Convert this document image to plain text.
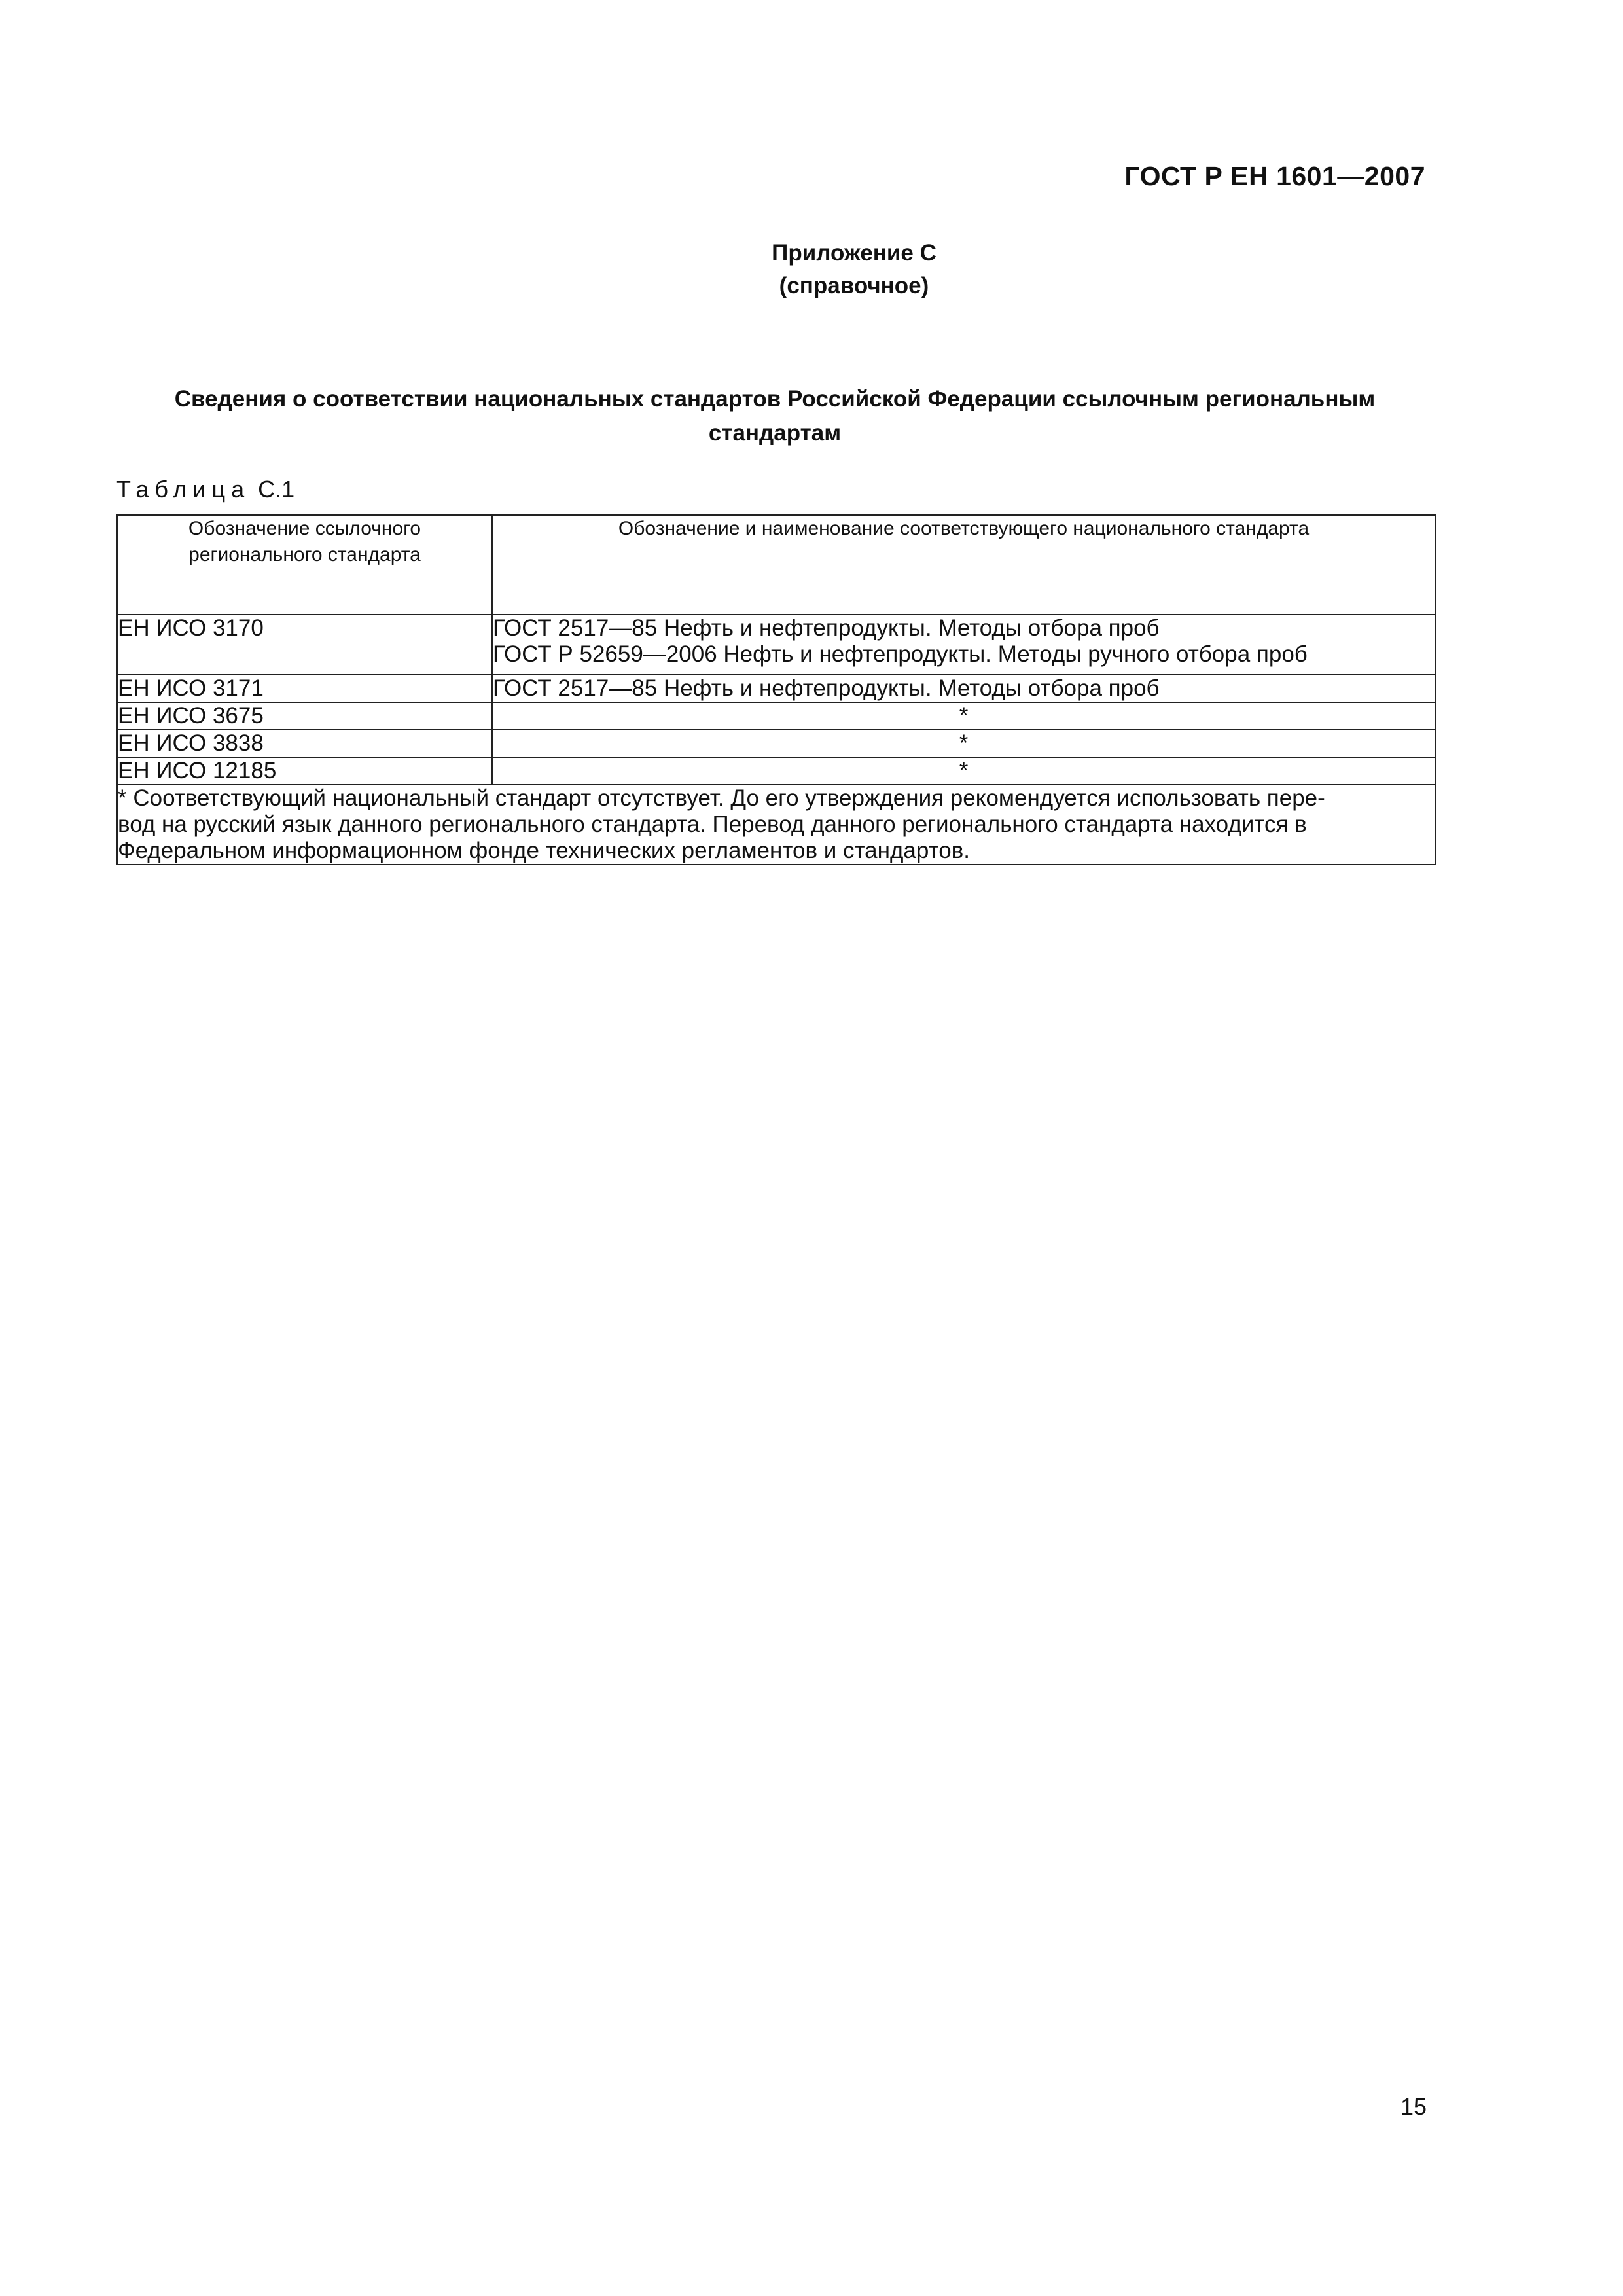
ГОСТ Р ЕН 1601—2007
Приложение С
(справочное)
Сведения о соответствии национальных стандартов Российской Федерации ссылочным региональным
стандартам
Таблица С.1
Обозначение ссылочного регионального стандарта	Обозначение и наименование соответствующего национального стандарта

ЕН ИСО 3170	ГОСТ 2517—85 Нефть и нефтепродукты. Методы отбора проб
ГОСТ Р 52659—2006 Нефть и нефтепродукты. Методы ручного отбора проб

ЕН ИСО 3171	ГОСТ 2517—85 Нефть и нефтепродукты. Методы отбора проб
ЕН ИСО 3675	*
ЕН ИСО 3838	*
ЕН ИСО 12185	*

* Соответствующий национальный стандарт отсутствует. До его утверждения рекомендуется использовать пере-
вод на русский язык данного регионального стандарта. Перевод данного регионального стандарта находится в
Федеральном информационном фонде технических регламентов и стандартов.	
15
